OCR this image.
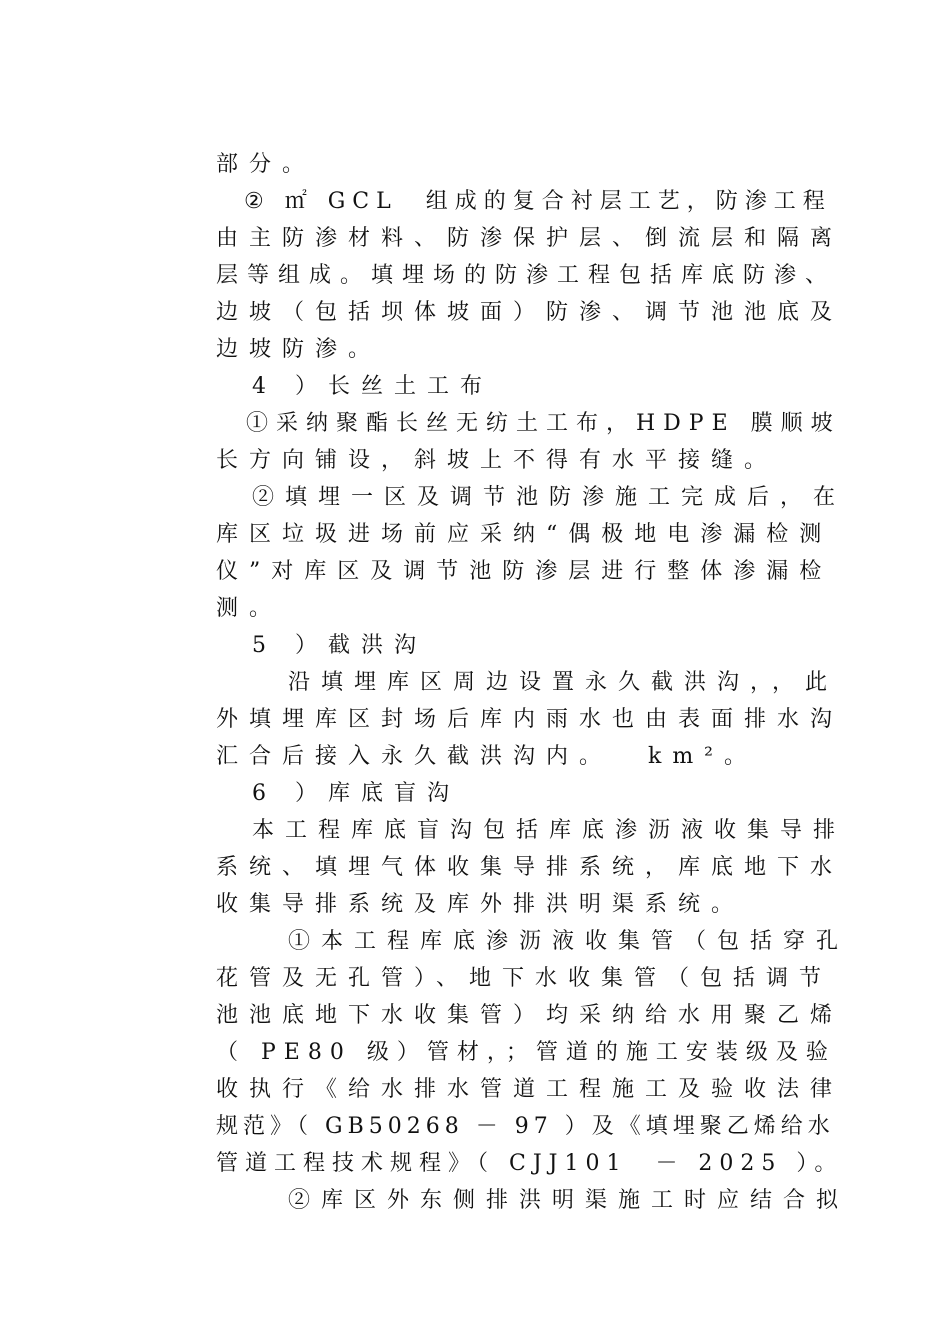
部分。
② ㎡ GCL  组成的复合衬层工艺，防渗工程
由主防渗材料、防渗保护层、倒流层和隔离
层等组成。填埋场的防渗工程包括库底防渗、
边坡（包括坝体坡面）防渗、调节池池底及
边坡防渗。
4 ）长丝土工布
①采纳聚酯长丝无纺土工布，HDPE 膜顺坡
长方向铺设，斜坡上不得有水平接缝。
②填埋一区及调节池防渗施工完成后，在
库区垃圾进场前应采纳“偶极地电渗漏检测
仪”对库区及调节池防渗层进行整体渗漏检
测。
5 ）截洪沟
沿填埋库区周边设置永久截洪沟，，此
外填埋库区封场后库内雨水也由表面排水沟
汇合后接入永久截洪沟内。  km²。
6 ）库底盲沟
本工程库底盲沟包括库底渗沥液收集导排
系统、填埋气体收集导排系统，库底地下水
收集导排系统及库外排洪明渠系统。
①本工程库底渗沥液收集管（包括穿孔
花管及无孔管）、地下水收集管（包括调节
池池底地下水收集管）均采纳给水用聚乙烯
（ PE80 级）管材，；管道的施工安装级及验
收执行《给水排水管道工程施工及验收法律
规范》（ GB50268 － 97 ）及《填埋聚乙烯给水
管道工程技术规程》（ CJJ101  － 2025 ）。
②库区外东侧排洪明渠施工时应结合拟
